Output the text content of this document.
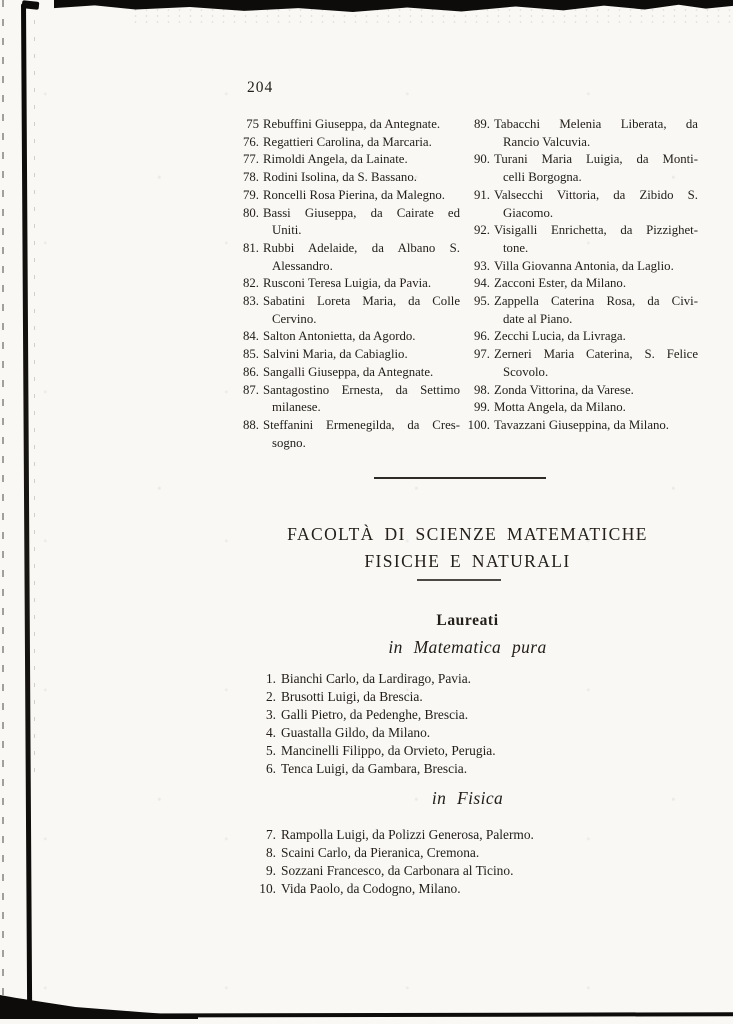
204
75 Rebuffini Giuseppa, da Antegnate.
76. Regattieri Carolina, da Marcaria.
77. Rimoldi Angela, da Lainate.
78. Rodini Isolina, da S. Bassano.
79. Roncelli Rosa Pierina, da Malegno.
80. Bassi Giuseppa, da Cairate ed
Uniti.
81. Rubbi Adelaide, da Albano S.
Alessandro.
82. Rusconi Teresa Luigia, da Pavia.
83. Sabatini Loreta Maria, da Colle
Cervino.
84. Salton Antonietta, da Agordo.
85. Salvini Maria, da Cabiaglio.
86. Sangalli Giuseppa, da Antegnate.
87. Santagostino Ernesta, da Settimo
milanese.
88. Steffanini Ermenegilda, da Cres-
sogno.
89. Tabacchi Melenia Liberata, da
Rancio Valcuvia.
90. Turani Maria Luigia, da Monti-
celli Borgogna.
91. Valsecchi Vittoria, da Zibido S.
Giacomo.
92. Visigalli Enrichetta, da Pizzighet-
tone.
93. Villa Giovanna Antonia, da Laglio.
94. Zacconi Ester, da Milano.
95. Zappella Caterina Rosa, da Civi-
date al Piano.
96. Zecchi Lucia, da Livraga.
97. Zerneri Maria Caterina, S. Felice
Scovolo.
98. Zonda Vittorina, da Varese.
99. Motta Angela, da Milano.
100. Tavazzani Giuseppina, da Milano.
FACOLTÀ DI SCIENZE MATEMATICHE
FISICHE E NATURALI
Laureati
in Matematica pura
1. Bianchi Carlo, da Lardirago, Pavia.
2. Brusotti Luigi, da Brescia.
3. Galli Pietro, da Pedenghe, Brescia.
4. Guastalla Gildo, da Milano.
5. Mancinelli Filippo, da Orvieto, Perugia.
6. Tenca Luigi, da Gambara, Brescia.
in Fisica
7. Rampolla Luigi, da Polizzi Generosa, Palermo.
8. Scaini Carlo, da Pieranica, Cremona.
9. Sozzani Francesco, da Carbonara al Ticino.
10. Vida Paolo, da Codogno, Milano.
